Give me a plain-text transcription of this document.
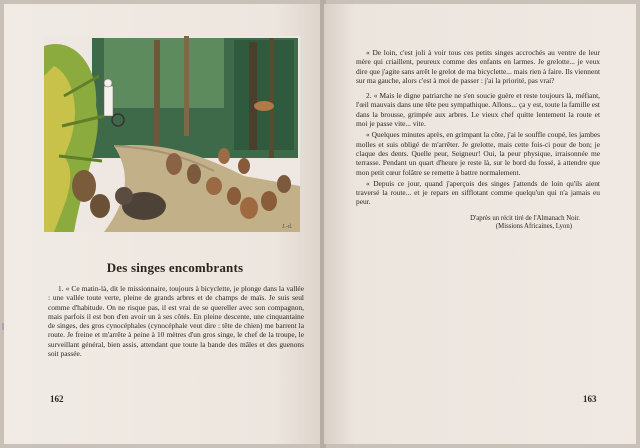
J.-d.
Des singes encombrants

1. « Ce matin-là, dit le missionnaire, toujours à bicyclette, je plonge dans la vallée : une vallée toute verte, pleine de grands arbres et de champs de maïs. Je suis seul comme d'habitude. On ne risque pas, il est vrai de se quereller avec son compagnon, mais parfois il est bon d'en avoir un à ses côtés. En pleine descente, une cinquantaine de singes, des gros cynocéphales (cynocéphale veut dire : tête de chien) me barrent la route. Je freine et m'arrête à peine à 10 mètres d'un gros singe, le chef de la troupe, le surveillant général, bien assis, attendant que toute la bande des mâles et des guenons soit passée.

ǀ
162

« De loin, c'est joli à voir tous ces petits singes accrochés au ventre de leur mère qui criaillent, peureux comme des enfants en larmes. Je grelotte... je veux dire que j'agite sans arrêt le grelot de ma bicyclette... mais rien à faire. Ils viennent sur ma gauche, alors c'est à moi de passer : j'ai la priorité, pas vrai?

2. « Mais le digne patriarche ne s'en soucie guère et reste toujours là, méfiant, l'œil mauvais dans une tête peu sympathique. Allons... ça y est, toute la famille est dans la brousse, grimpée aux arbres. Le vieux chef quitte lentement la route et moi je passe vite... vite.

« Quelques minutes après, en grimpant la côte, j'ai le souffle coupé, les jambes molles et suis obligé de m'arrêter. Je grelotte, mais cette fois-ci pour de bon; je claque des dents. Quelle peur, Seigneur! Oui, la peur physique, irraisonnée me terrasse. Pendant un quart d'heure je reste là, sur le bord du fossé, à attendre que mon petit cœur folâtre se remette à battre normalement.

« Depuis ce jour, quand j'aperçois des singes j'attends de loin qu'ils aient traversé la route... et je repars en sifflotant comme quelqu'un qui n'a jamais eu peur.

D'après un récit tiré de l'Almanach Noir.
(Missions Africaines, Lyon)
163
